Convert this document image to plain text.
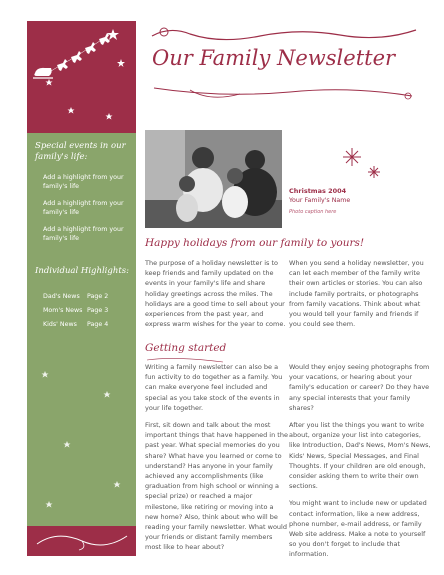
Special events in our family's life:
Add a highlight from your family's life
Add a highlight from your family's life
Add a highlight from your family's life
Individual Highlights:
Dad's News Page 2
Mom's News Page 3
Kids' News Page 4
Our Family Newsletter
Christmas 2004
Your Family's Name
Photo caption here
Happy holidays from our family to yours!

The purpose of a holiday newsletter is to keep friends and family updated on the events in your family's life and share holiday greetings across the miles. The holidays are a good time to sell about your experiences from the past year, and express warm wishes for the year to come.

When you send a holiday newsletter, you can let each member of the family write their own articles or stories. You can also include family portraits, or photographs from family vacations. Think about what you would tell your family and friends if you could see them.

Getting started

Writing a family newsletter can also be a fun activity to do together as a family. You can make everyone feel included and special as you take stock of the events in your life together.

First, sit down and talk about the most important things that have happened in the past year. What special memories do you share? What have you learned or come to understand? Has anyone in your family achieved any accomplishments (like graduation from high school or winning a special prize) or reached a major milestone, like retiring or moving into a new home? Also, think about who will be reading your family newsletter. What would your friends or distant family members most like to hear about?

Would they enjoy seeing photographs from your vacations, or hearing about your family's education or career? Do they have any special interests that your family shares?

After you list the things you want to write about, organize your list into categories, like Introduction, Dad's News, Mom's News, Kids' News, Special Messages, and Final Thoughts. If your children are old enough, consider asking them to write their own sections.

You might want to include new or updated contact information, like a new address, phone number, e-mail address, or family Web site address. Make a note to yourself so you don't forget to include that information.
